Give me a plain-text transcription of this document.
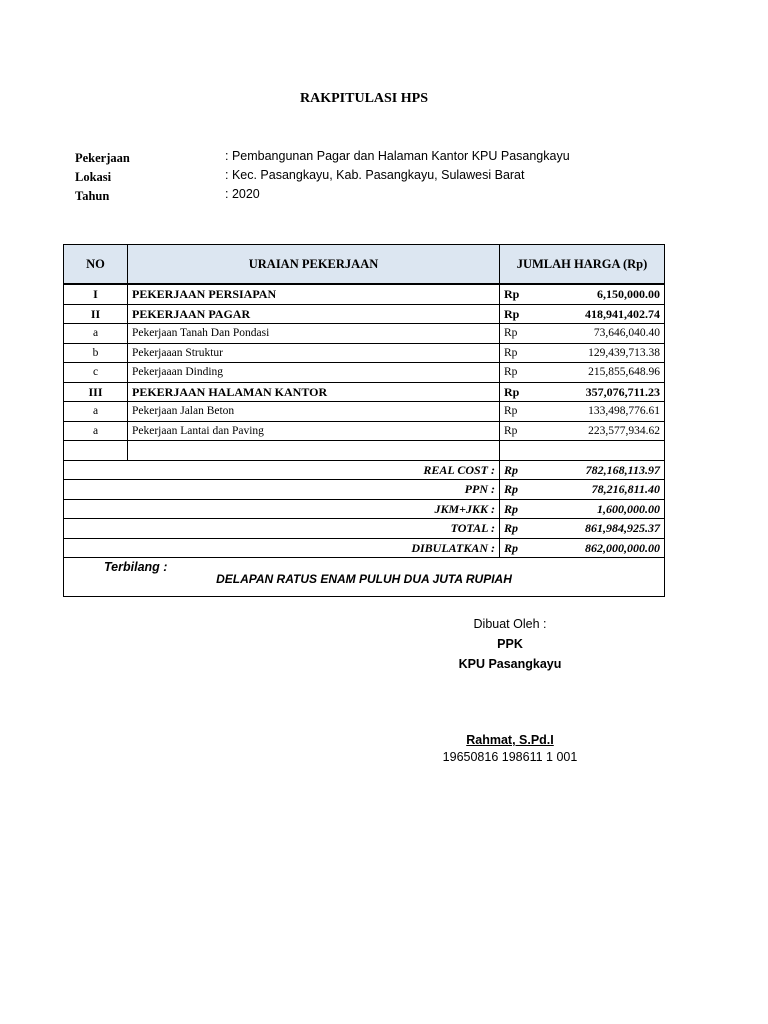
RAKPITULASI HPS
Pekerjaan	: Pembangunan Pagar dan Halaman Kantor KPU Pasangkayu
Lokasi	: Kec. Pasangkayu, Kab. Pasangkayu, Sulawesi Barat
Tahun	: 2020
NO	URAIAN PEKERJAAN	JUMLAH HARGA (Rp)	
I	PEKERJAAN PERSIAPAN	Rp	6,150,000.00
II	PEKERJAAN PAGAR	Rp	418,941,402.74
a	Pekerjaan Tanah Dan Pondasi	Rp	73,646,040.40
b	Pekerjaaan Struktur	Rp	129,439,713.38
c	Pekerjaaan Dinding	Rp	215,855,648.96
III	PEKERJAAN HALAMAN KANTOR	Rp	357,076,711.23
a	Pekerjaan Jalan Beton	Rp	133,498,776.61
a	Pekerjaan Lantai dan Paving	Rp	223,577,934.62

REAL COST :		Rp	782,168,113.97
PPN :		Rp	78,216,811.40
JKM+JKK :		Rp	1,600,000.00
TOTAL :		Rp	861,984,925.37
DIBULATKAN :		Rp	862,000,000.00

Terbilang :
DELAPAN RATUS ENAM PULUH DUA JUTA RUPIAH			
Dibuat Oleh :
PPK
KPU Pasangkayu
Rahmat, S.Pd.I
19650816 198611 1 001
